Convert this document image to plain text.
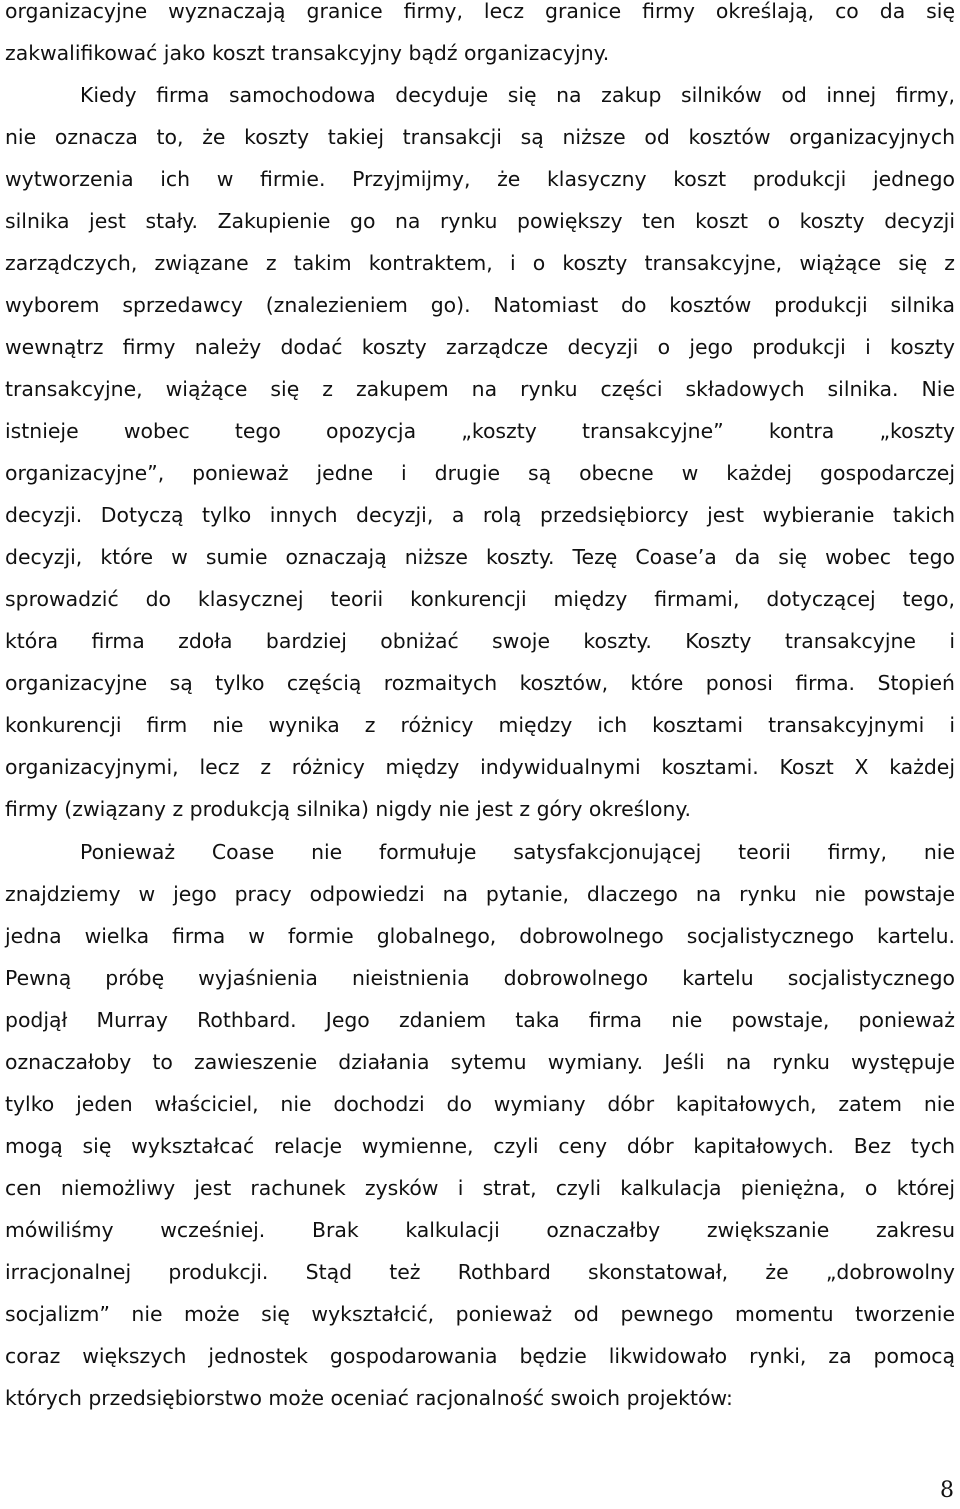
organizacyjne wyznaczają granice firmy, lecz granice firmy określają, co da się
zakwalifikować jako koszt transakcyjny bądź organizacyjny.
Kiedy firma samochodowa decyduje się na zakup silników od innej firmy,
nie oznacza to, że koszty takiej transakcji są niższe od kosztów organizacyjnych
wytworzenia ich w firmie. Przyjmijmy, że klasyczny koszt produkcji jednego
silnika jest stały. Zakupienie go na rynku powiększy ten koszt o koszty decyzji
zarządczych, związane z takim kontraktem, i o koszty transakcyjne, wiążące się z
wyborem sprzedawcy (znalezieniem go). Natomiast do kosztów produkcji silnika
wewnątrz firmy należy dodać koszty zarządcze decyzji o jego produkcji i koszty
transakcyjne, wiążące się z zakupem na rynku części składowych silnika. Nie
istnieje wobec tego opozycja „koszty transakcyjne” kontra „koszty
organizacyjne”, ponieważ jedne i drugie są obecne w każdej gospodarczej
decyzji. Dotyczą tylko innych decyzji, a rolą przedsiębiorcy jest wybieranie takich
decyzji, które w sumie oznaczają niższe koszty. Tezę Coase’a da się wobec tego
sprowadzić do klasycznej teorii konkurencji między firmami, dotyczącej tego,
która firma zdoła bardziej obniżać swoje koszty. Koszty transakcyjne i
organizacyjne są tylko częścią rozmaitych kosztów, które ponosi firma. Stopień
konkurencji firm nie wynika z różnicy między ich kosztami transakcyjnymi i
organizacyjnymi, lecz z różnicy między indywidualnymi kosztami. Koszt X każdej
firmy (związany z produkcją silnika) nigdy nie jest z góry określony.
Ponieważ Coase nie formułuje satysfakcjonującej teorii firmy, nie
znajdziemy w jego pracy odpowiedzi na pytanie, dlaczego na rynku nie powstaje
jedna wielka firma w formie globalnego, dobrowolnego socjalistycznego kartelu.
Pewną próbę wyjaśnienia nieistnienia dobrowolnego kartelu socjalistycznego
podjął Murray Rothbard. Jego zdaniem taka firma nie powstaje, ponieważ
oznaczałoby to zawieszenie działania sytemu wymiany. Jeśli na rynku występuje
tylko jeden właściciel, nie dochodzi do wymiany dóbr kapitałowych, zatem nie
mogą się wykształcać relacje wymienne, czyli ceny dóbr kapitałowych. Bez tych
cen niemożliwy jest rachunek zysków i strat, czyli kalkulacja pieniężna, o której
mówiliśmy wcześniej. Brak kalkulacji oznaczałby zwiększanie zakresu
irracjonalnej produkcji. Stąd też Rothbard skonstatował, że „dobrowolny
socjalizm” nie może się wykształcić, ponieważ od pewnego momentu tworzenie
coraz większych jednostek gospodarowania będzie likwidowało rynki, za pomocą
których przedsiębiorstwo może oceniać racjonalność swoich projektów:
8
